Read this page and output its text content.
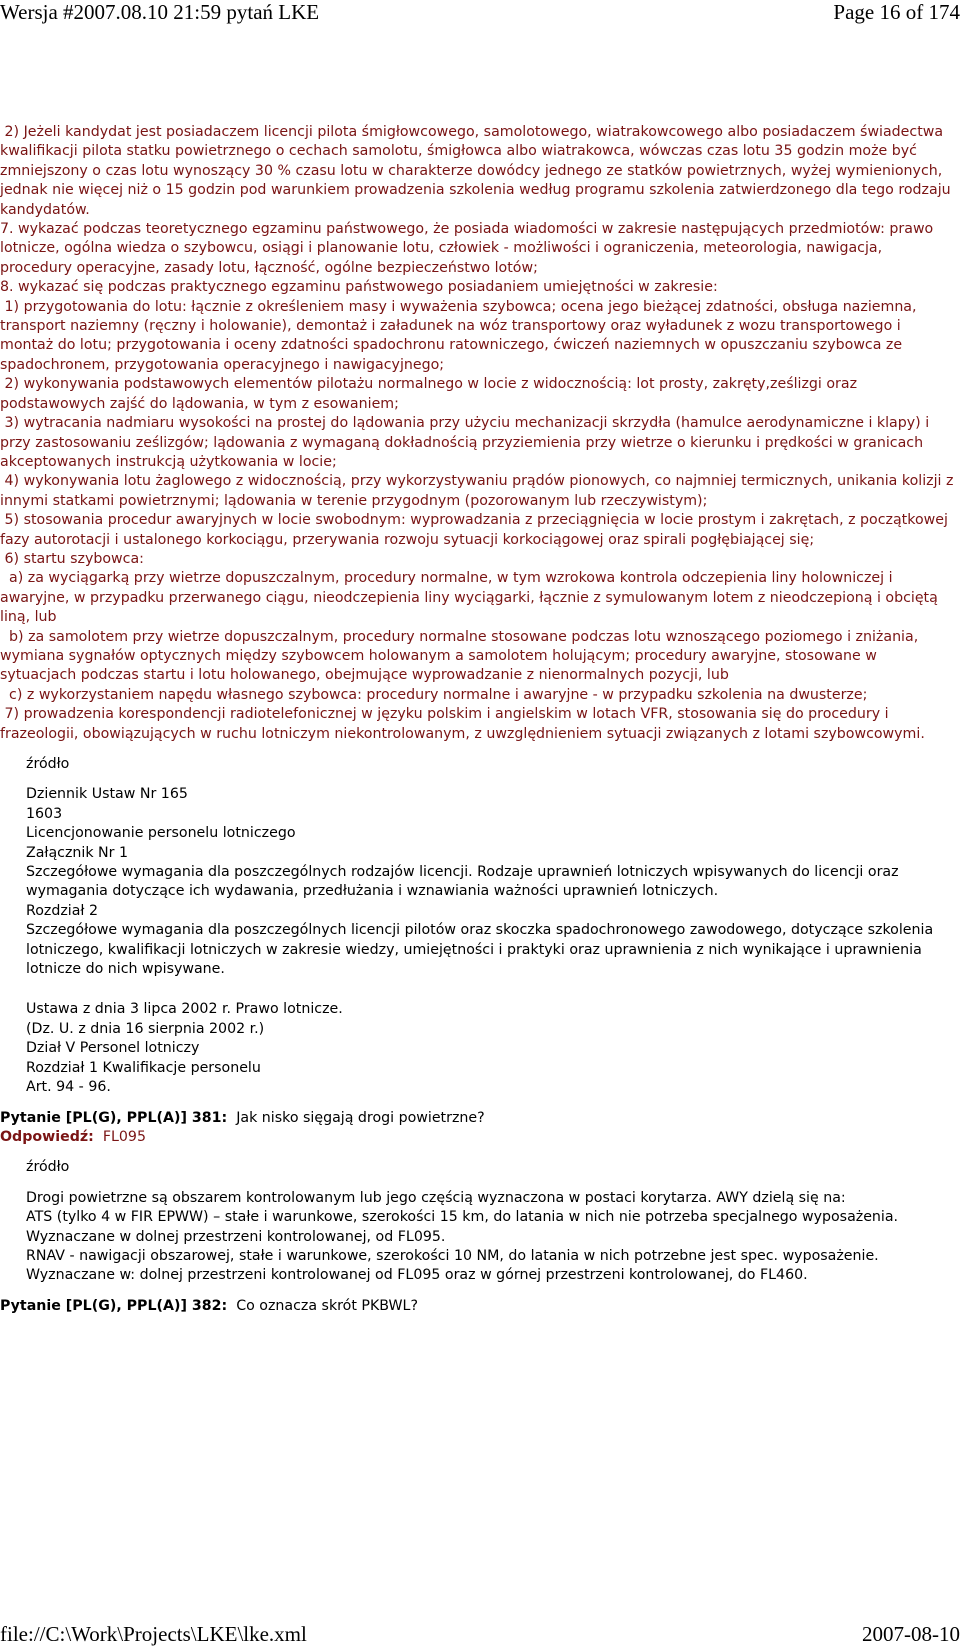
Wersja #2007.08.10 21:59 pytań LKE	Page 16 of 174

2) Jeżeli kandydat jest posiadaczem licencji pilota śmigłowcowego, samolotowego, wiatrakowcowego albo posiadaczem świadectwa kwalifikacji pilota statku powietrznego o cechach samolotu, śmigłowca albo wiatrakowca, wówczas czas lotu 35 godzin może być zmniejszony o czas lotu wynoszący 30 % czasu lotu w charakterze dowódcy jednego ze statków powietrznych, wyżej wymienionych, jednak nie więcej niż o 15 godzin pod warunkiem prowadzenia szkolenia według programu szkolenia zatwierdzonego dla tego rodzaju kandydatów.

7. wykazać podczas teoretycznego egzaminu państwowego, że posiada wiadomości w zakresie następujących przedmiotów: prawo lotnicze, ogólna wiedza o szybowcu, osiągi i planowanie lotu, człowiek - możliwości i ograniczenia, meteorologia, nawigacja, procedury operacyjne, zasady lotu, łączność, ogólne bezpieczeństwo lotów;

8. wykazać się podczas praktycznego egzaminu państwowego posiadaniem umiejętności w zakresie:

1) przygotowania do lotu: łącznie z określeniem masy i wyważenia szybowca; ocena jego bieżącej zdatności, obsługa naziemna, transport naziemny (ręczny i holowanie), demontaż i załadunek na wóz transportowy oraz wyładunek z wozu transportowego i montaż do lotu; przygotowania i oceny zdatności spadochronu ratowniczego, ćwiczeń naziemnych w opuszczaniu szybowca ze spadochronem, przygotowania operacyjnego i nawigacyjnego;

2) wykonywania podstawowych elementów pilotażu normalnego w locie z widocznością: lot prosty, zakręty,ześlizgi oraz podstawowych zajść do lądowania, w tym z esowaniem;

3) wytracania nadmiaru wysokości na prostej do lądowania przy użyciu mechanizacji skrzydła (hamulce aerodynamiczne i klapy) i przy zastosowaniu ześlizgów; lądowania z wymaganą dokładnością przyziemienia przy wietrze o kierunku i prędkości w granicach akceptowanych instrukcją użytkowania w locie;

4) wykonywania lotu żaglowego z widocznością, przy wykorzystywaniu prądów pionowych, co najmniej termicznych, unikania kolizji z innymi statkami powietrznymi; lądowania w terenie przygodnym (pozorowanym lub rzeczywistym);

5) stosowania procedur awaryjnych w locie swobodnym: wyprowadzania z przeciągnięcia w locie prostym i zakrętach, z początkowej fazy autorotacji i ustalonego korkociągu, przerywania rozwoju sytuacji korkociągowej oraz spirali pogłębiającej się;

6) startu szybowca:

a) za wyciągarką przy wietrze dopuszczalnym, procedury normalne, w tym wzrokowa kontrola odczepienia liny holowniczej i awaryjne, w przypadku przerwanego ciągu, nieodczepienia liny wyciągarki, łącznie z symulowanym lotem z nieodczepioną i obciętą liną, lub

b) za samolotem przy wietrze dopuszczalnym, procedury normalne stosowane podczas lotu wznoszącego poziomego i zniżania, wymiana sygnałów optycznych między szybowcem holowanym a samolotem holującym; procedury awaryjne, stosowane w sytuacjach podczas startu i lotu holowanego, obejmujące wyprowadzanie z nienormalnych pozycji, lub

c) z wykorzystaniem napędu własnego szybowca: procedury normalne i awaryjne - w przypadku szkolenia na dwusterze;

7) prowadzenia korespondencji radiotelefonicznej w języku polskim i angielskim w lotach VFR, stosowania się do procedury i frazeologii, obowiązujących w ruchu lotniczym niekontrolowanym, z uwzględnieniem sytuacji związanych z lotami szybowcowymi.

źródło

Dziennik Ustaw Nr 165

1603

Licencjonowanie personelu lotniczego

Załącznik Nr 1

Szczegółowe wymagania dla poszczególnych rodzajów licencji. Rodzaje uprawnień lotniczych wpisywanych do licencji oraz wymagania dotyczące ich wydawania, przedłużania i wznawiania ważności uprawnień lotniczych.

Rozdział 2

Szczegółowe wymagania dla poszczególnych licencji pilotów oraz skoczka spadochronowego zawodowego, dotyczące szkolenia lotniczego, kwalifikacji lotniczych w zakresie wiedzy, umiejętności i praktyki oraz uprawnienia z nich wynikające i uprawnienia lotnicze do nich wpisywane.

Ustawa z dnia 3 lipca 2002 r. Prawo lotnicze.

(Dz. U. z dnia 16 sierpnia 2002 r.)

Dział V Personel lotniczy

Rozdział 1 Kwalifikacje personelu

Art. 94 - 96.

Pytanie [PL(G), PPL(A)] 381: Jak nisko sięgają drogi powietrzne?

Odpowiedź: FL095

źródło

Drogi powietrzne są obszarem kontrolowanym lub jego częścią wyznaczona w postaci korytarza. AWY dzielą się na:

ATS (tylko 4 w FIR EPWW) – stałe i warunkowe, szerokości 15 km, do latania w nich nie potrzeba specjalnego wyposażenia. Wyznaczane w dolnej przestrzeni kontrolowanej, od FL095.

RNAV - nawigacji obszarowej, stałe i warunkowe, szerokości 10 NM, do latania w nich potrzebne jest spec. wyposażenie. Wyznaczane w: dolnej przestrzeni kontrolowanej od FL095 oraz w górnej przestrzeni kontrolowanej, do FL460.

Pytanie [PL(G), PPL(A)] 382: Co oznacza skrót PKBWL?

file://C:\Work\Projects\LKE\lke.xml	2007-08-10
